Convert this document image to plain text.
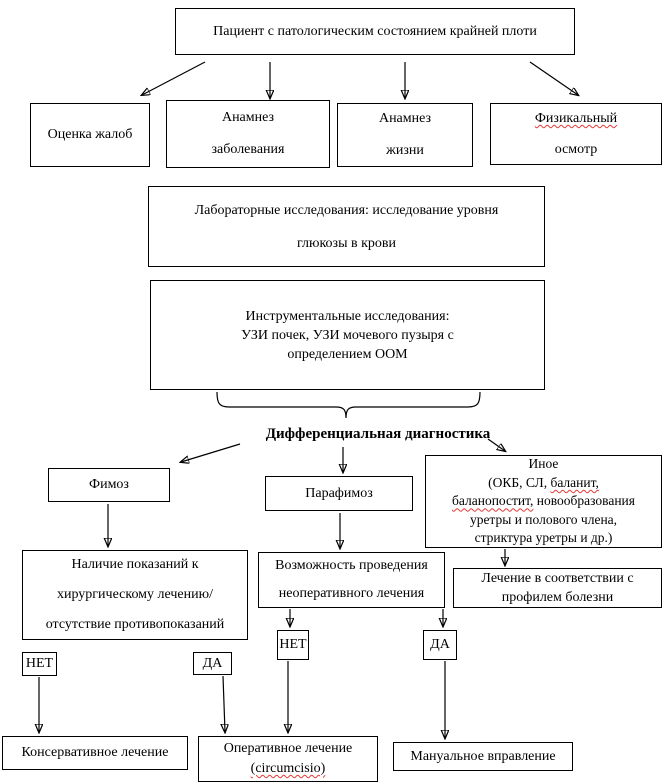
Пациент с патологическим состоянием крайней плоти
Оценка жалоб
Анамнез
заболевания
Анамнез
жизни
Физикальный
осмотр
Лабораторные исследования: исследование уровня
глюкозы в крови
Инструментальные исследования:
УЗИ почек, УЗИ мочевого пузыря с
определением ООМ
Дифференциальная диагностика
Фимоз
Парафимоз
Иное
(ОКБ, СЛ, баланит,
баланопостит, новообразования
уретры и полового члена,
стриктура уретры и др.)
Лечение в соответствии с
профилем болезни
Наличие показаний к
хирургическому лечению/
отсутствие противопоказаний
Возможность проведения
неоперативного лечения
НЕТ	ДА
НЕТ	ДА
Консервативное лечение	Оперативное лечение
(circumcisio)
Мануальное вправление
